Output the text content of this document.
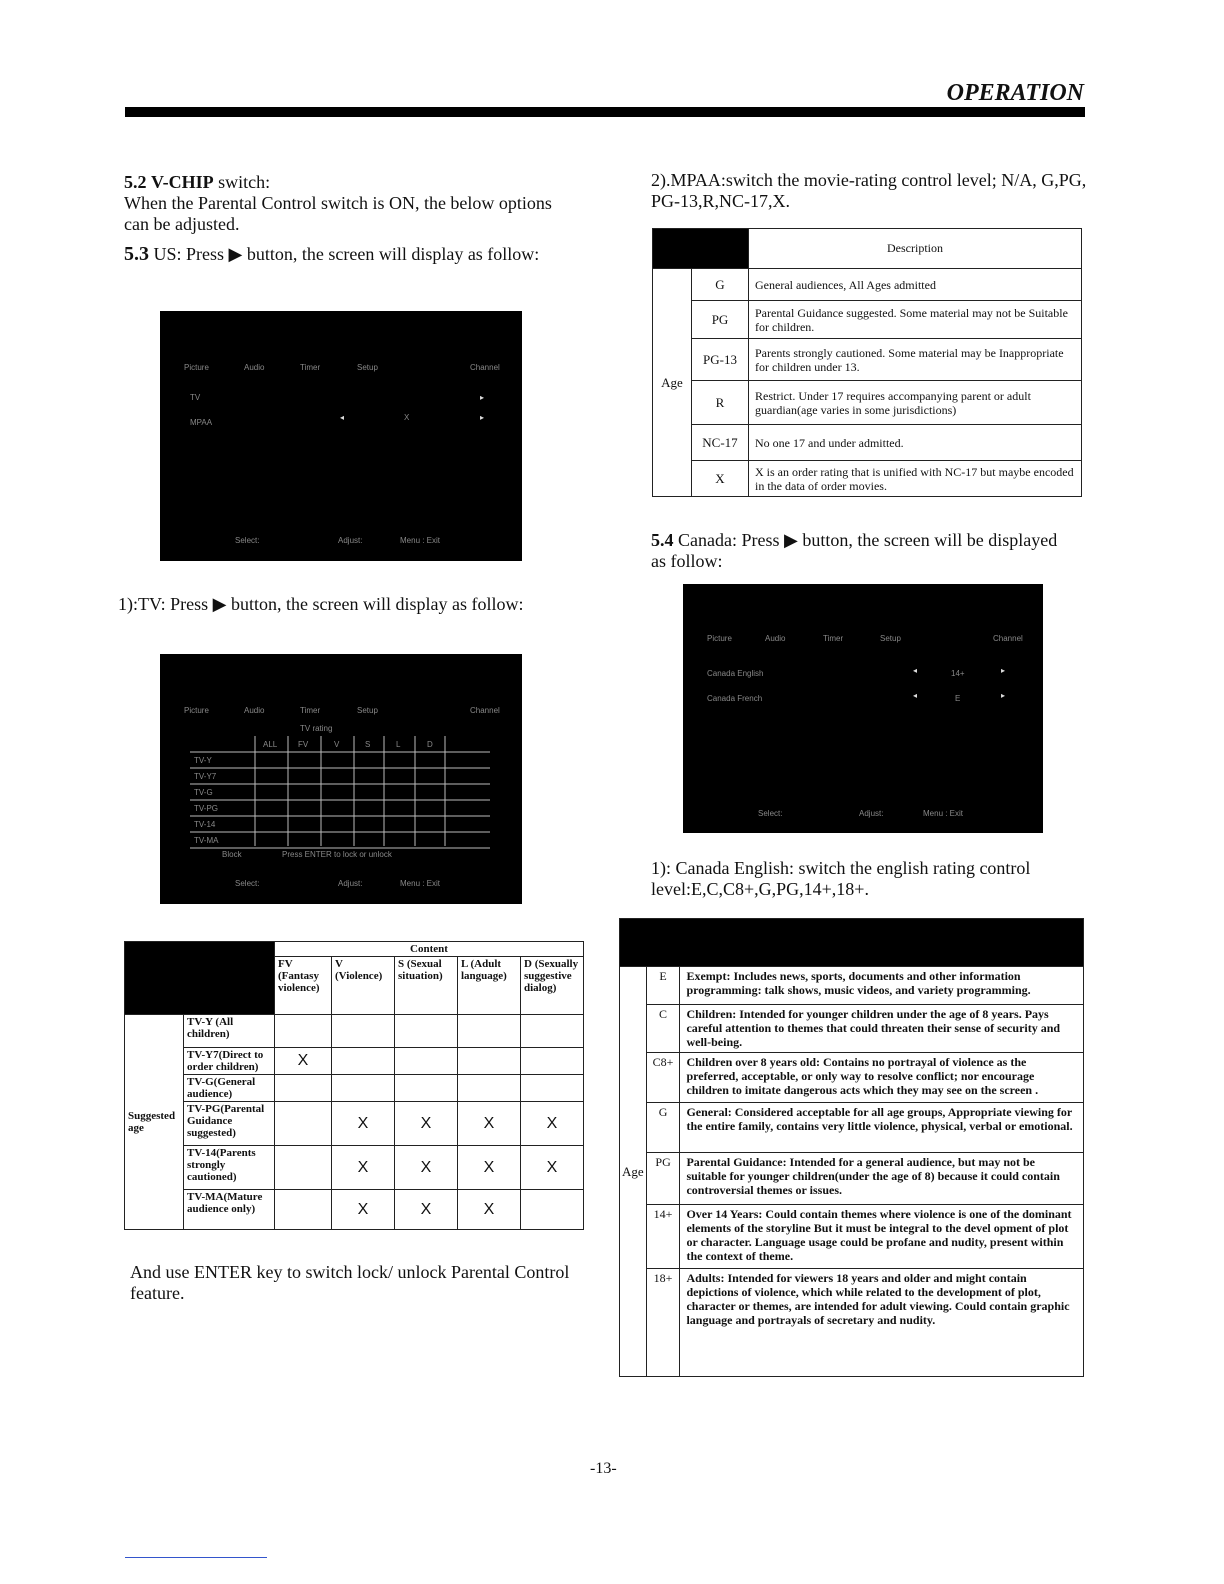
OPERATION
5.2 V-CHIP switch:
When the Parental Control switch is ON, the below options can be adjusted.
5.3 US: Press ▶ button, the screen will display as follow:
Picture	Audio	Timer	Setup	Channel
TV	▸
MPAA
◂	X	▸
Select:	Adjust:	Menu : Exit
1):TV: Press ▶ button, the screen will display as follow:
Picture	Audio	Timer	Setup	Channel
TV rating
ALL	FV	V	S	L	D
TV-Y
TV-Y7
TV-G
TV-PG
TV-14
TV-MA
Block	Press ENTER to lock or unlock
Select:	Adjust:	Menu : Exit
		Content				
		FV (Fantasy violence)	V (Violence)	S (Sexual situation)	L (Adult language)	D (Sexually suggestive dialog)
Suggested age	TV-Y (All children)					
	TV-Y7(Direct to order children)	X				
	TV-G(General audience)					
	TV-PG(Parental Guidance suggested)		X	X	X	X
	TV-14(Parents strongly cautioned)		X	X	X	X
	TV-MA(Mature audience only)		X	X	X	
And use ENTER key to switch lock/ unlock Parental Control feature.
2).MPAA:switch the movie-rating control level; N/A, G,PG, PG-13,R,NC-17,X.
		Description
Age	G	General audiences, All Ages admitted
	PG	Parental Guidance suggested. Some material may not be Suitable for children.
	PG-13	Parents strongly cautioned. Some material may be Inappropriate for children under 13.
	R	Restrict. Under 17 requires accompanying parent or adult guardian(age varies in some jurisdictions)
	NC-17	No one 17 and under admitted.
	X	X is an order rating that is unified with NC-17 but maybe encoded in the data of order movies.
5.4 Canada: Press ▶ button, the screen will be displayed as follow:
Picture	Audio	Timer	Setup	Channel
Canada English	◂	14+	▸
Canada French	◂	E	▸
Select:	Adjust:	Menu : Exit
1): Canada English: switch the english rating control level:E,C,C8+,G,PG,14+,18+.

Age	E	Exempt: Includes news, sports, documents and other information programming: talk shows, music videos, and variety programming.
	C	Children: Intended for younger children under the age of 8 years. Pays careful attention to themes that could threaten their sense of security and well-being.
	C8+	Children over 8 years old: Contains no portrayal of violence as the preferred, acceptable, or only way to resolve conflict; nor encourage children to imitate dangerous acts which they may see on the screen .
	G	General: Considered acceptable for all age groups, Appropriate viewing for the entire family, contains very little violence, physical, verbal or emotional.
	PG	Parental Guidance: Intended for a general audience, but may not be suitable for younger children(under the age of 8) because it could contain controversial themes or issues.
	14+	Over 14 Years: Could contain themes where violence is one of the dominant elements of the storyline But it must be integral to the devel opment of plot or character. Language usage could be profane and nudity, present within the context of theme.
	18+	Adults: Intended for viewers 18 years and older and might contain depictions of violence, which while related to the development of plot, character or themes, are intended for adult viewing. Could contain graphic language and portrayals of secretary and nudity.
-13-
